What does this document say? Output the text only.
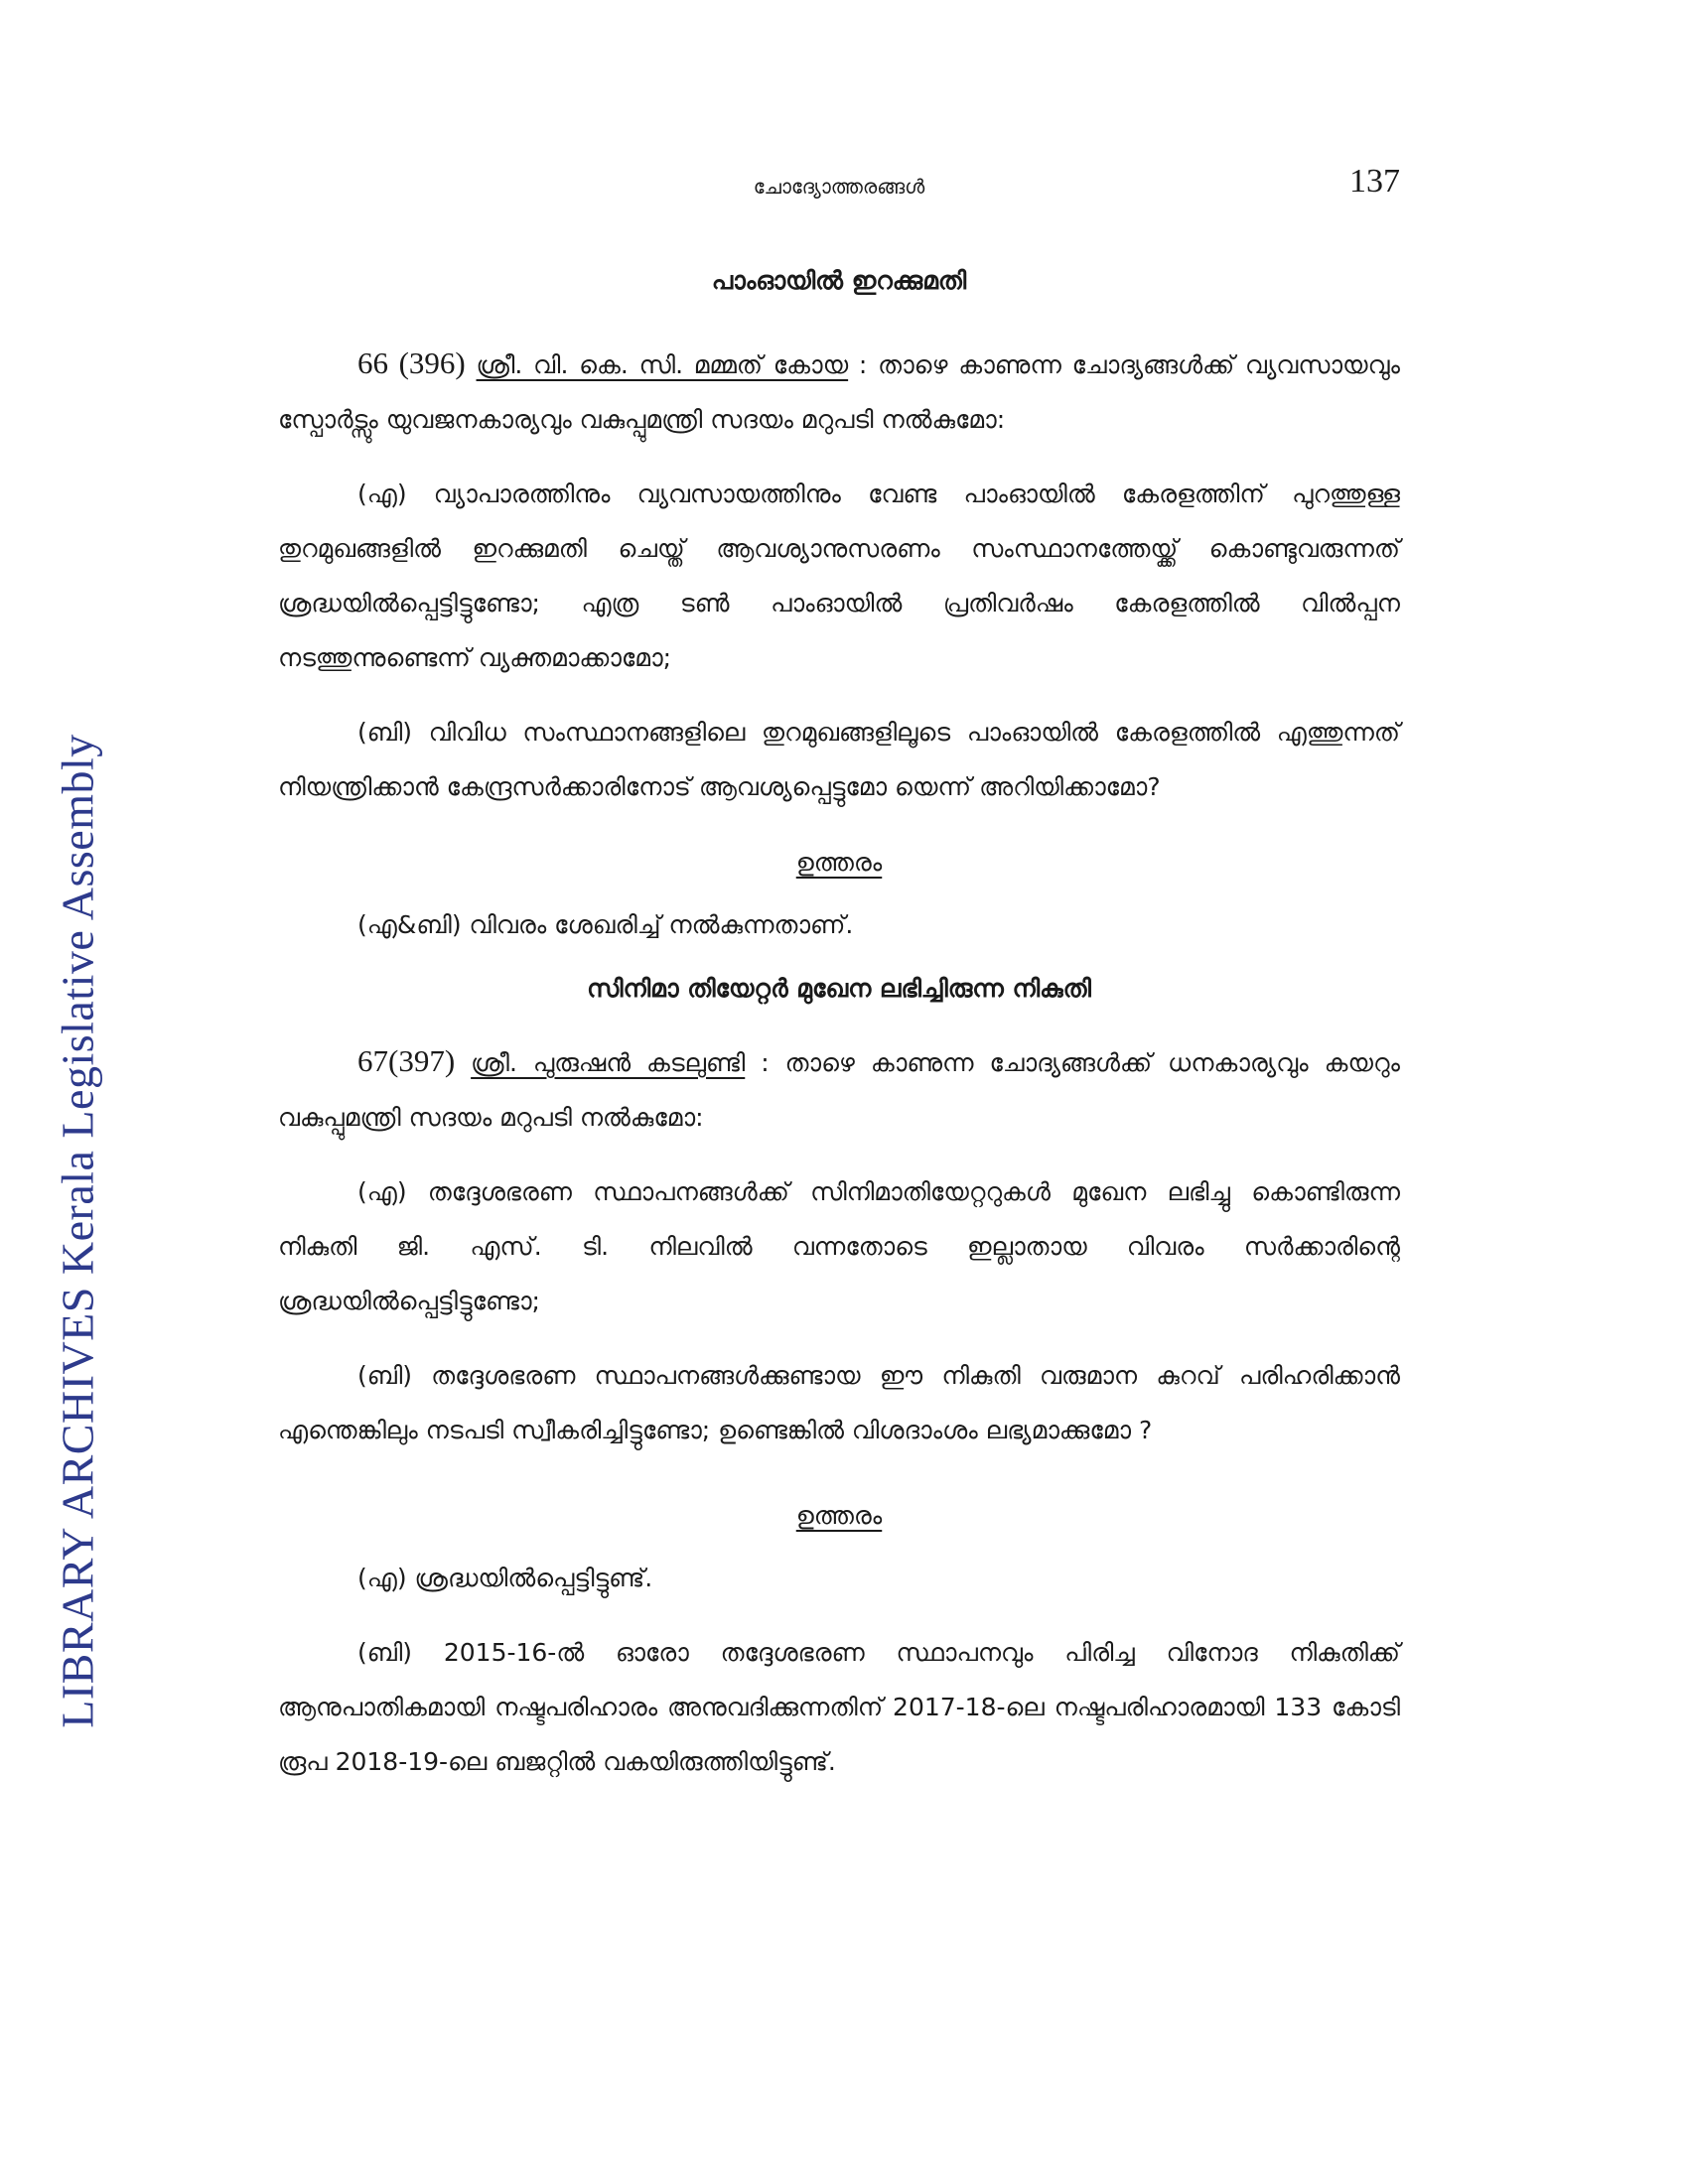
LIBRARY ARCHIVES Kerala Legislative Assembly
ചോദ്യോത്തരങ്ങൾ	137
പാംഓയിൽ ഇറക്കുമതി

66 (396) ശ്രീ. വി. കെ. സി. മമ്മത് കോയ : താഴെ കാണുന്ന ചോദ്യങ്ങൾക്ക് വ്യവസായവും സ്പോർട്സും യുവജനകാര്യവും വകുപ്പുമന്ത്രി സദയം മറുപടി നൽകുമോ:

(എ) വ്യാപാരത്തിനും വ്യവസായത്തിനും വേണ്ട പാംഓയിൽ കേരളത്തിന് പുറത്തുള്ള തുറമുഖങ്ങളിൽ ഇറക്കുമതി ചെയ്ത് ആവശ്യാനുസരണം സംസ്ഥാനത്തേയ്ക്ക് കൊണ്ടുവരുന്നത് ശ്രദ്ധയിൽപ്പെട്ടിട്ടുണ്ടോ; എത്ര ടൺ പാംഓയിൽ പ്രതിവർഷം കേരളത്തിൽ വിൽപ്പന നടത്തുന്നുണ്ടെന്ന് വ്യക്തമാക്കാമോ;

(ബി) വിവിധ സംസ്ഥാനങ്ങളിലെ തുറമുഖങ്ങളിലൂടെ പാംഓയിൽ കേരളത്തിൽ എത്തുന്നത് നിയന്ത്രിക്കാൻ കേന്ദ്രസർക്കാരിനോട് ആവശ്യപ്പെട്ടുമോ യെന്ന് അറിയിക്കാമോ?

ഉത്തരം

(എ&ബി) വിവരം ശേഖരിച്ച് നൽകുന്നതാണ്.

സിനിമാ തിയേറ്റർ മുഖേന ലഭിച്ചിരുന്ന നികുതി

67(397) ശ്രീ. പുരുഷൻ കടലുണ്ടി : താഴെ കാണുന്ന ചോദ്യങ്ങൾക്ക് ധനകാര്യവും കയറും വകുപ്പുമന്ത്രി സദയം മറുപടി നൽകുമോ:

(എ) തദ്ദേശഭരണ സ്ഥാപനങ്ങൾക്ക് സിനിമാതിയേറ്ററുകൾ മുഖേന ലഭിച്ചു കൊണ്ടിരുന്ന നികുതി ജി. എസ്. ടി. നിലവിൽ വന്നതോടെ ഇല്ലാതായ വിവരം സർക്കാരിന്റെ ശ്രദ്ധയിൽപ്പെട്ടിട്ടുണ്ടോ;

(ബി) തദ്ദേശഭരണ സ്ഥാപനങ്ങൾക്കുണ്ടായ ഈ നികുതി വരുമാന കുറവ് പരിഹരിക്കാൻ എന്തെങ്കിലും നടപടി സ്വീകരിച്ചിട്ടുണ്ടോ; ഉണ്ടെങ്കിൽ വിശദാംശം ലഭ്യമാക്കുമോ ?

ഉത്തരം

(എ) ശ്രദ്ധയിൽപ്പെട്ടിട്ടുണ്ട്.

(ബി) 2015-16-ൽ ഓരോ തദ്ദേശഭരണ സ്ഥാപനവും പിരിച്ച വിനോദ നികുതിക്ക് ആനുപാതികമായി നഷ്ടപരിഹാരം അനുവദിക്കുന്നതിന് 2017-18-ലെ നഷ്ടപരിഹാരമായി 133 കോടി രൂപ 2018-19-ലെ ബജറ്റിൽ വകയിരുത്തിയിട്ടുണ്ട്.
